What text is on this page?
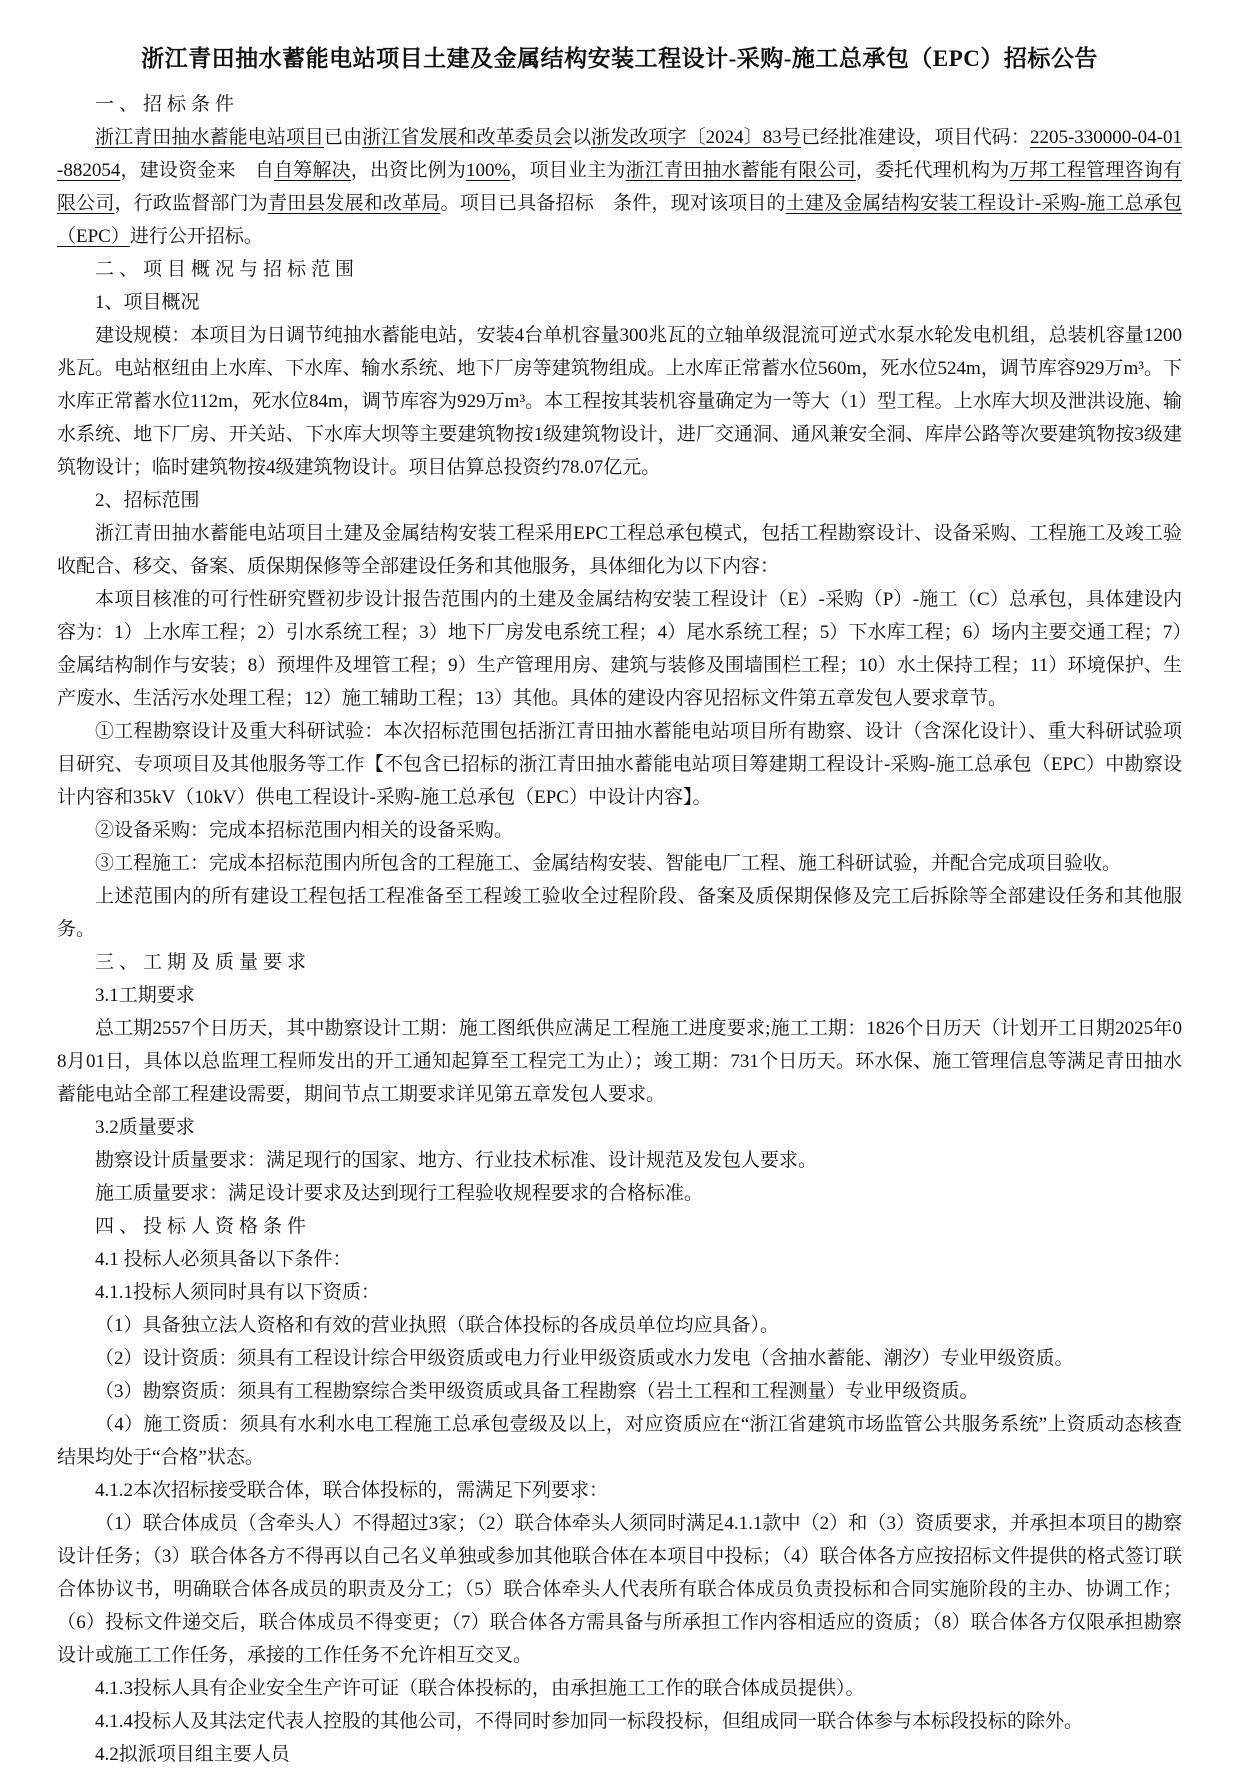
浙江青田抽水蓄能电站项目土建及金属结构安装工程设计-采购-施工总承包（EPC）招标公告

一、招标条件

浙江青田抽水蓄能电站项目已由浙江省发展和改革委员会以浙发改项字〔2024〕83号已经批准建设，项目代码：2205-330000-04-01-882054，建设资金来　自自筹解决，出资比例为100%，项目业主为浙江青田抽水蓄能有限公司，委托代理机构为万邦工程管理咨询有限公司，行政监督部门为青田县发展和改革局。项目已具备招标　条件，现对该项目的土建及金属结构安装工程设计-采购-施工总承包（EPC）进行公开招标。

二、项目概况与招标范围

1、项目概况

建设规模：本项目为日调节纯抽水蓄能电站，安装4台单机容量300兆瓦的立轴单级混流可逆式水泵水轮发电机组，总装机容量1200兆瓦。电站枢纽由上水库、下水库、输水系统、地下厂房等建筑物组成。上水库正常蓄水位560m，死水位524m，调节库容929万m³。下水库正常蓄水位112m，死水位84m，调节库容为929万m³。本工程按其装机容量确定为一等大（1）型工程。上水库大坝及泄洪设施、输水系统、地下厂房、开关站、下水库大坝等主要建筑物按1级建筑物设计，进厂交通洞、通风兼安全洞、库岸公路等次要建筑物按3级建筑物设计；临时建筑物按4级建筑物设计。项目估算总投资约78.07亿元。

2、招标范围

浙江青田抽水蓄能电站项目土建及金属结构安装工程采用EPC工程总承包模式，包括工程勘察设计、设备采购、工程施工及竣工验收配合、移交、备案、质保期保修等全部建设任务和其他服务，具体细化为以下内容：

本项目核准的可行性研究暨初步设计报告范围内的土建及金属结构安装工程设计（E）-采购（P）-施工（C）总承包，具体建设内容为：1）上水库工程；2）引水系统工程；3）地下厂房发电系统工程；4）尾水系统工程；5）下水库工程；6）场内主要交通工程；7）金属结构制作与安装；8）预埋件及埋管工程；9）生产管理用房、建筑与装修及围墙围栏工程；10）水土保持工程；11）环境保护、生产废水、生活污水处理工程；12）施工辅助工程；13）其他。具体的建设内容见招标文件第五章发包人要求章节。

①工程勘察设计及重大科研试验：本次招标范围包括浙江青田抽水蓄能电站项目所有勘察、设计（含深化设计）、重大科研试验项目研究、专项项目及其他服务等工作【不包含已招标的浙江青田抽水蓄能电站项目筹建期工程设计-采购-施工总承包（EPC）中勘察设计内容和35kV（10kV）供电工程设计-采购-施工总承包（EPC）中设计内容】。

②设备采购：完成本招标范围内相关的设备采购。

③工程施工：完成本招标范围内所包含的工程施工、金属结构安装、智能电厂工程、施工科研试验，并配合完成项目验收。

上述范围内的所有建设工程包括工程准备至工程竣工验收全过程阶段、备案及质保期保修及完工后拆除等全部建设任务和其他服务。

三、工期及质量要求

3.1工期要求

总工期2557个日历天，其中勘察设计工期：施工图纸供应满足工程施工进度要求;施工工期：1826个日历天（计划开工日期2025年08月01日，具体以总监理工程师发出的开工通知起算至工程完工为止）；竣工期：731个日历天。环水保、施工管理信息等满足青田抽水蓄能电站全部工程建设需要，期间节点工期要求详见第五章发包人要求。

3.2质量要求

勘察设计质量要求：满足现行的国家、地方、行业技术标准、设计规范及发包人要求。

施工质量要求：满足设计要求及达到现行工程验收规程要求的合格标准。

四、投标人资格条件

4.1 投标人必须具备以下条件：

4.1.1投标人须同时具有以下资质：

（1）具备独立法人资格和有效的营业执照（联合体投标的各成员单位均应具备）。

（2）设计资质：须具有工程设计综合甲级资质或电力行业甲级资质或水力发电（含抽水蓄能、潮汐）专业甲级资质。

（3）勘察资质：须具有工程勘察综合类甲级资质或具备工程勘察（岩土工程和工程测量）专业甲级资质。

（4）施工资质：须具有水利水电工程施工总承包壹级及以上，对应资质应在“浙江省建筑市场监管公共服务系统”上资质动态核查结果均处于“合格”状态。

4.1.2本次招标接受联合体，联合体投标的，需满足下列要求：

（1）联合体成员（含牵头人）不得超过3家；（2）联合体牵头人须同时满足4.1.1款中（2）和（3）资质要求，并承担本项目的勘察设计任务；（3）联合体各方不得再以自己名义单独或参加其他联合体在本项目中投标；（4）联合体各方应按招标文件提供的格式签订联合体协议书，明确联合体各成员的职责及分工；（5）联合体牵头人代表所有联合体成员负责投标和合同实施阶段的主办、协调工作；（6）投标文件递交后，联合体成员不得变更；（7）联合体各方需具备与所承担工作内容相适应的资质；（8）联合体各方仅限承担勘察设计或施工工作任务，承接的工作任务不允许相互交叉。

4.1.3投标人具有企业安全生产许可证（联合体投标的，由承担施工工作的联合体成员提供）。

4.1.4投标人及其法定代表人控股的其他公司，不得同时参加同一标段投标，但组成同一联合体参与本标段投标的除外。

4.2拟派项目组主要人员
